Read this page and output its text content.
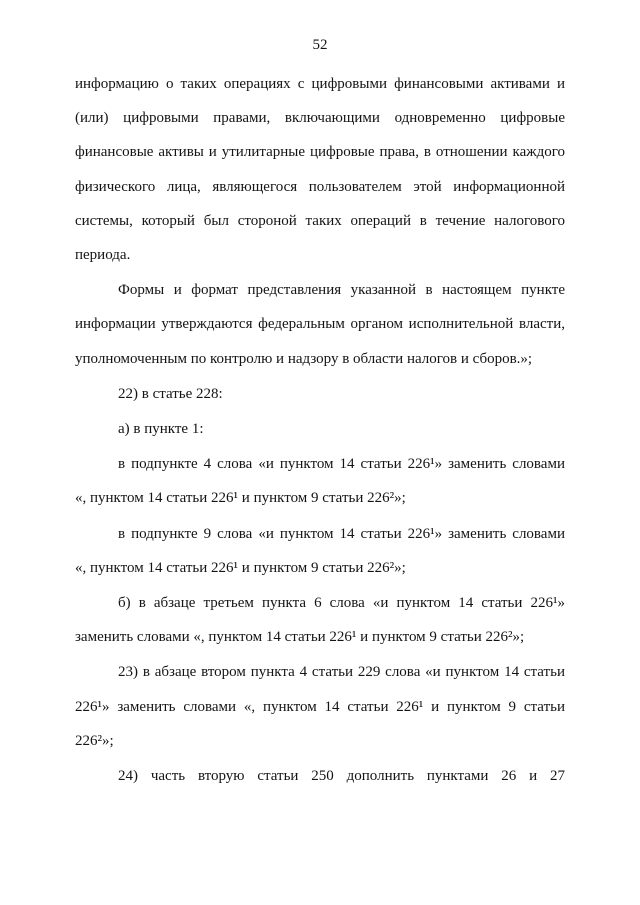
52
информацию о таких операциях с цифровыми финансовыми активами и
(или) цифровыми правами, включающими одновременно цифровые
финансовые активы и утилитарные цифровые права, в отношении каждого
физического лица, являющегося пользователем этой информационной
системы, который был стороной таких операций в течение налогового
периода.
Формы и формат представления указанной в настоящем пункте
информации утверждаются федеральным органом исполнительной власти,
уполномоченным по контролю и надзору в области налогов и сборов.»;
22) в статье 228:
а) в пункте 1:
в подпункте 4 слова «и пунктом 14 статьи 226¹» заменить словами
«, пунктом 14 статьи 226¹ и пунктом 9 статьи 226²»;
в подпункте 9 слова «и пунктом 14 статьи 226¹» заменить словами
«, пунктом 14 статьи 226¹ и пунктом 9 статьи 226²»;
б) в абзаце третьем пункта 6 слова «и пунктом 14 статьи 226¹»
заменить словами «, пунктом 14 статьи 226¹ и пунктом 9 статьи 226²»;
23) в абзаце втором пункта 4 статьи 229 слова «и пунктом 14 статьи
226¹» заменить словами «, пунктом 14 статьи 226¹ и пунктом 9 статьи
226²»;
24) часть вторую статьи 250 дополнить пунктами 26 и 27
